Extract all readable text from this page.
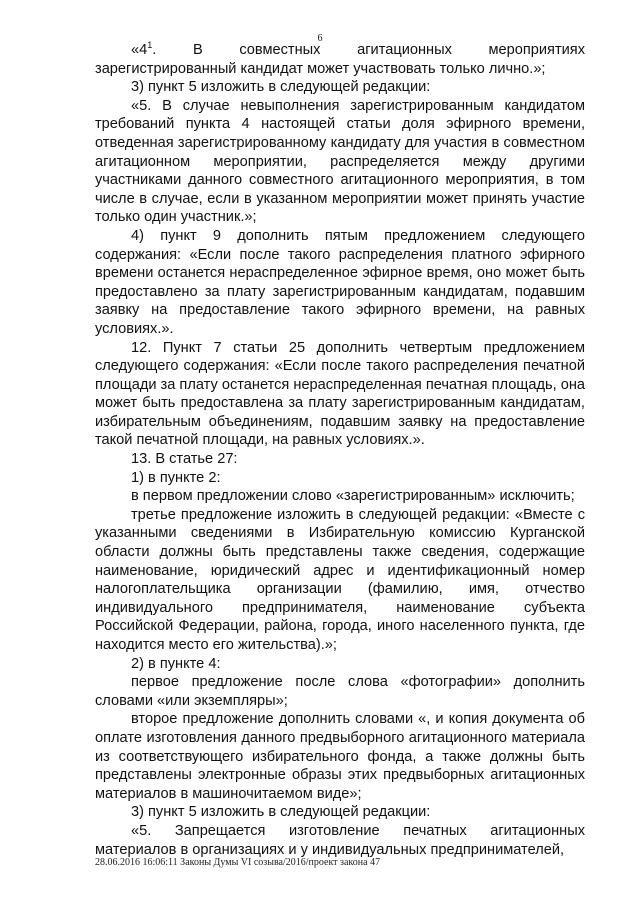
6

«$4^1$. В совместных агитационных мероприятиях зарегистрированный кандидат может участвовать только лично.»;

3) пункт 5 изложить в следующей редакции:

«5. В случае невыполнения зарегистрированным кандидатом требований пункта 4 настоящей статьи доля эфирного времени, отведенная зарегистрированному кандидату для участия в совместном агитационном мероприятии, распределяется между другими участниками данного совместного агитационного мероприятия, в том числе в случае, если в указанном мероприятии может принять участие только один участник.»;

4) пункт 9 дополнить пятым предложением следующего содержания: «Если после такого распределения платного эфирного времени останется нераспределенное эфирное время, оно может быть предоставлено за плату зарегистрированным кандидатам, подавшим заявку на предоставление такого эфирного времени, на равных условиях.».

12. Пункт 7 статьи 25 дополнить четвертым предложением следующего содержания: «Если после такого распределения печатной площади за плату останется нераспределенная печатная площадь, она может быть предоставлена за плату зарегистрированным кандидатам, избирательным объединениям, подавшим заявку на предоставление такой печатной площади, на равных условиях.».

13. В статье 27:

1) в пункте 2:

в первом предложении слово «зарегистрированным» исключить;

третье предложение изложить в следующей редакции: «Вместе с указанными сведениями в Избирательную комиссию Курганской области должны быть представлены также сведения, содержащие наименование, юридический адрес и идентификационный номер налогоплательщика организации (фамилию, имя, отчество индивидуального предпринимателя, наименование субъекта Российской Федерации, района, города, иного населенного пункта, где находится место его жительства).»;

2) в пункте 4:

первое предложение после слова «фотографии» дополнить словами «или экземпляры»;

второе предложение дополнить словами «, и копия документа об оплате изготовления данного предвыборного агитационного материала из соответствующего избирательного фонда, а также должны быть представлены электронные образы этих предвыборных агитационных материалов в машиночитаемом виде»;

3) пункт 5 изложить в следующей редакции:

«5. Запрещается изготовление печатных агитационных материалов в организациях и у индивидуальных предпринимателей,

28.06.2016 16:06:11 Законы Думы VI созыва/2016/проект закона 47
